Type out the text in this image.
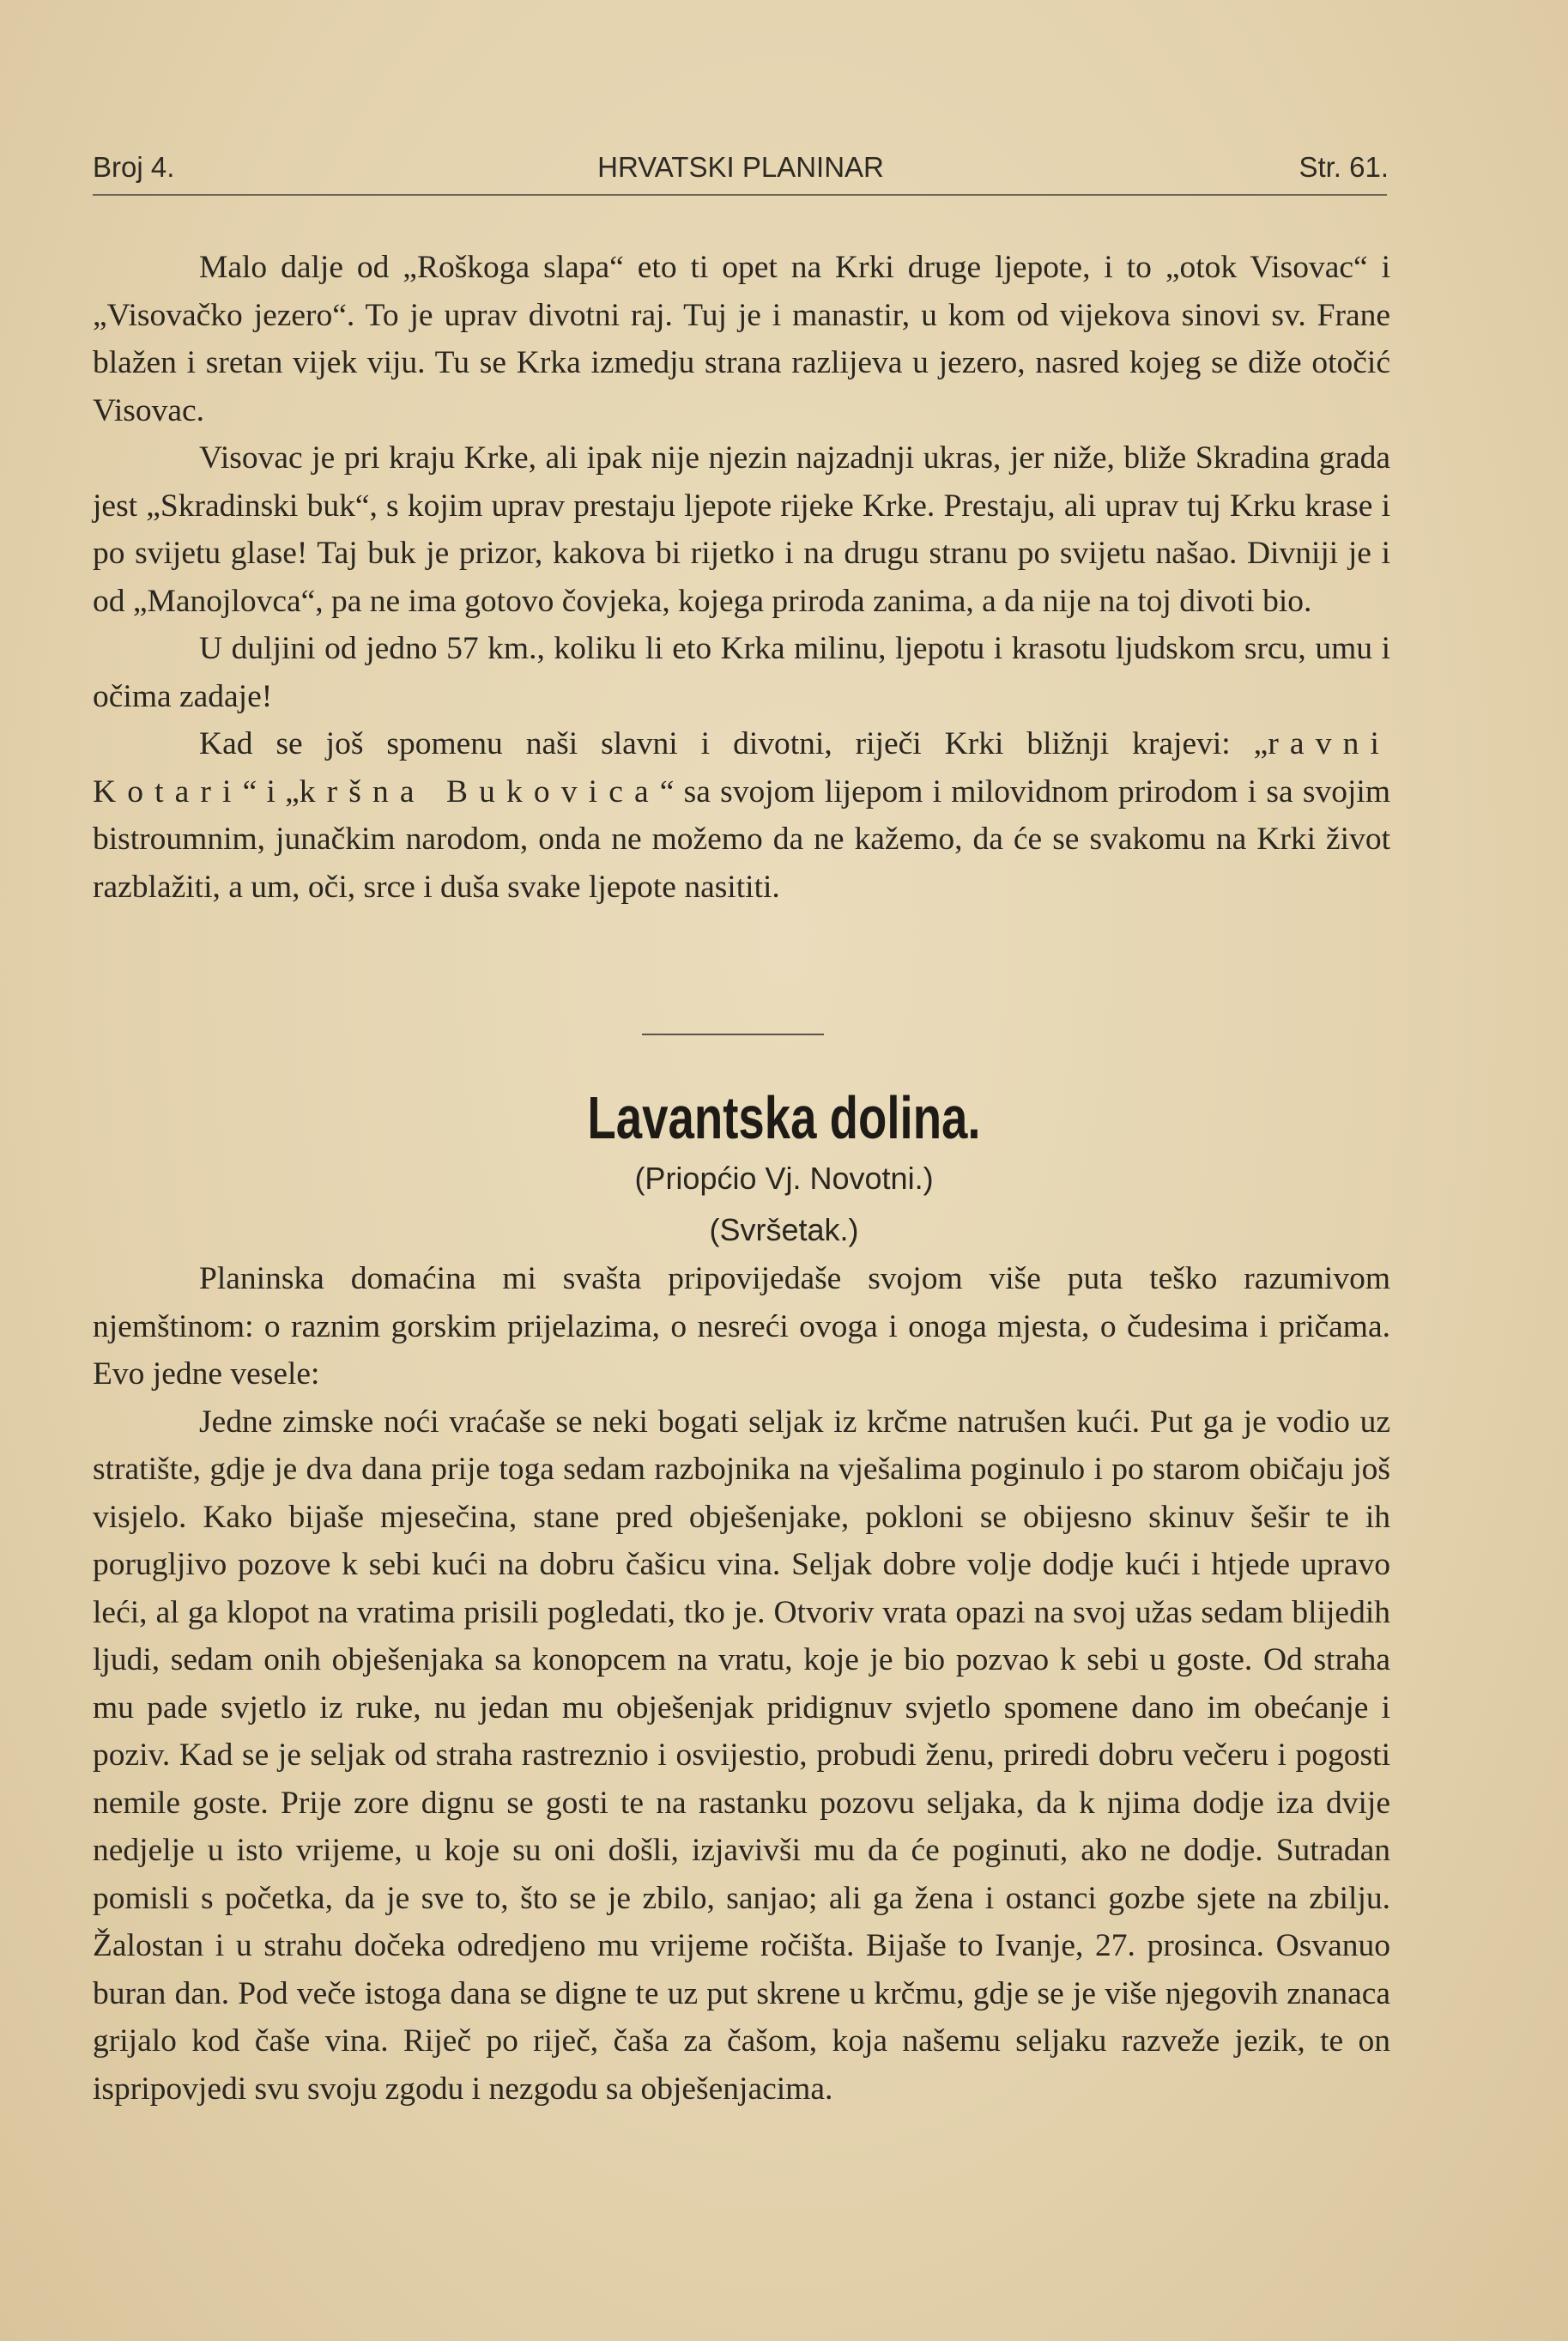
Broj 4.	HRVATSKI PLANINAR	Str. 61.

Malo dalje od „Roškoga slapa“ eto ti opet na Krki druge ljepote, i to „otok Visovac“ i „Visovačko jezero“. To je uprav divotni raj. Tuj je i manastir, u kom od vijekova sinovi sv. Frane blažen i sretan vijek viju. Tu se Krka izmedju strana razlijeva u jezero, nasred kojeg se diže otočić Visovac.

Visovac je pri kraju Krke, ali ipak nije njezin najzadnji ukras, jer niže, bliže Skradina grada jest „Skradinski buk“, s kojim uprav prestaju ljepote rijeke Krke. Prestaju, ali uprav tuj Krku krase i po svijetu glase! Taj buk je prizor, kakova bi rijetko i na drugu stranu po svijetu našao. Divniji je i od „Manojlovca“, pa ne ima gotovo čovjeka, kojega priroda zanima, a da nije na toj divoti bio.

U duljini od jedno 57 km., koliku li eto Krka milinu, ljepotu i krasotu ljudskom srcu, umu i očima zadaje!

Kad se još spomenu naši slavni i divotni, riječi Krki bližnji krajevi: „ravni Kotari“ i „kršna Bukovica“ sa svojom lijepom i milovidnom prirodom i sa svojim bistroumnim, junačkim narodom, onda ne možemo da ne kažemo, da će se svakomu na Krki život razblažiti, a um, oči, srce i duša svake ljepote nasititi.

Lavantska dolina.
(Priopćio Vj. Novotni.)
(Svršetak.)

Planinska domaćina mi svašta pripovijedaše svojom više puta teško razumivom njemštinom: o raznim gorskim prijelazima, o nesreći ovoga i onoga mjesta, o čudesima i pričama. Evo jedne vesele:

Jedne zimske noći vraćaše se neki bogati seljak iz krčme natrušen kući. Put ga je vodio uz stratište, gdje je dva dana prije toga sedam razbojnika na vješalima poginulo i po starom običaju još visjelo. Kako bijaše mjesečina, stane pred obješenjake, pokloni se obijesno skinuv šešir te ih porugljivo pozove k sebi kući na dobru čašicu vina. Seljak dobre volje dodje kući i htjede upravo leći, al ga klopot na vratima prisili pogledati, tko je. Otvoriv vrata opazi na svoj užas sedam blijedih ljudi, sedam onih obješenjaka sa konopcem na vratu, koje je bio pozvao k sebi u goste. Od straha mu pade svjetlo iz ruke, nu jedan mu obješenjak pridignuv svjetlo spomene dano im obećanje i poziv. Kad se je seljak od straha rastreznio i osvijestio, probudi ženu, priredi dobru večeru i pogosti nemile goste. Prije zore dignu se gosti te na rastanku pozovu seljaka, da k njima dodje iza dvije nedjelje u isto vrijeme, u koje su oni došli, izjavivši mu da će poginuti, ako ne dodje. Sutradan pomisli s početka, da je sve to, što se je zbilo, sanjao; ali ga žena i ostanci gozbe sjete na zbilju. Žalostan i u strahu dočeka odredjeno mu vrijeme ročišta. Bijaše to Ivanje, 27. prosinca. Osvanuo buran dan. Pod veče istoga dana se digne te uz put skrene u krčmu, gdje se je više njegovih znanaca grijalo kod čaše vina. Riječ po riječ, čaša za čašom, koja našemu seljaku razveže jezik, te on ispripovjedi svu svoju zgodu i nezgodu sa obješenjacima.
